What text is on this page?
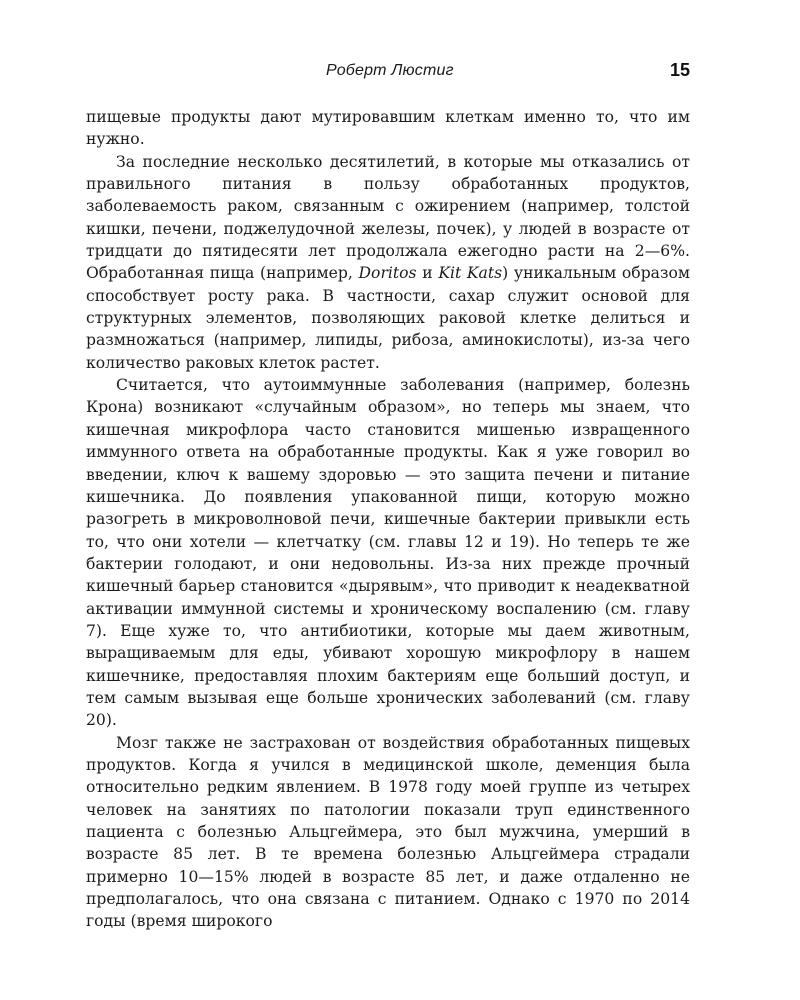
Роберт Люстиг	15

пищевые продукты дают мутировавшим клеткам именно то, что им нужно.

За последние несколько десятилетий, в которые мы отказались от правильного питания в пользу обработанных продуктов, заболеваемость раком, связанным с ожирением (например, толстой кишки, печени, поджелудочной железы, почек), у людей в возрасте от тридцати до пятидесяти лет продолжала ежегодно расти на 2—6%. Обработанная пища (например, Doritos и Kit Kats) уникальным образом способствует росту рака. В частности, сахар служит основой для структурных элементов, позволяющих раковой клетке делиться и размножаться (например, липиды, рибоза, аминокислоты), из-за чего количество раковых клеток растет.

Считается, что аутоиммунные заболевания (например, болезнь Крона) возникают «случайным образом», но теперь мы знаем, что кишечная микрофлора часто становится мишенью извращенного иммунного ответа на обработанные продукты. Как я уже говорил во введении, ключ к вашему здоровью — это защита печени и питание кишечника. До появления упакованной пищи, которую можно разогреть в микроволновой печи, кишечные бактерии привыкли есть то, что они хотели — клетчатку (см. главы 12 и 19). Но теперь те же бактерии голодают, и они недовольны. Из-за них прежде прочный кишечный барьер становится «дырявым», что приводит к неадекватной активации иммунной системы и хроническому воспалению (см. главу 7). Еще хуже то, что антибиотики, которые мы даем животным, выращиваемым для еды, убивают хорошую микрофлору в нашем кишечнике, предоставляя плохим бактериям еще больший доступ, и тем самым вызывая еще больше хронических заболеваний (см. главу 20).

Мозг также не застрахован от воздействия обработанных пищевых продуктов. Когда я учился в медицинской школе, деменция была относительно редким явлением. В 1978 году моей группе из четырех человек на занятиях по патологии показали труп единственного пациента с болезнью Альцгеймера, это был мужчина, умерший в возрасте 85 лет. В те времена болезнью Альцгеймера страдали примерно 10—15% людей в возрасте 85 лет, и даже отдаленно не предполагалось, что она связана с питанием. Однако с 1970 по 2014 годы (время широкого
